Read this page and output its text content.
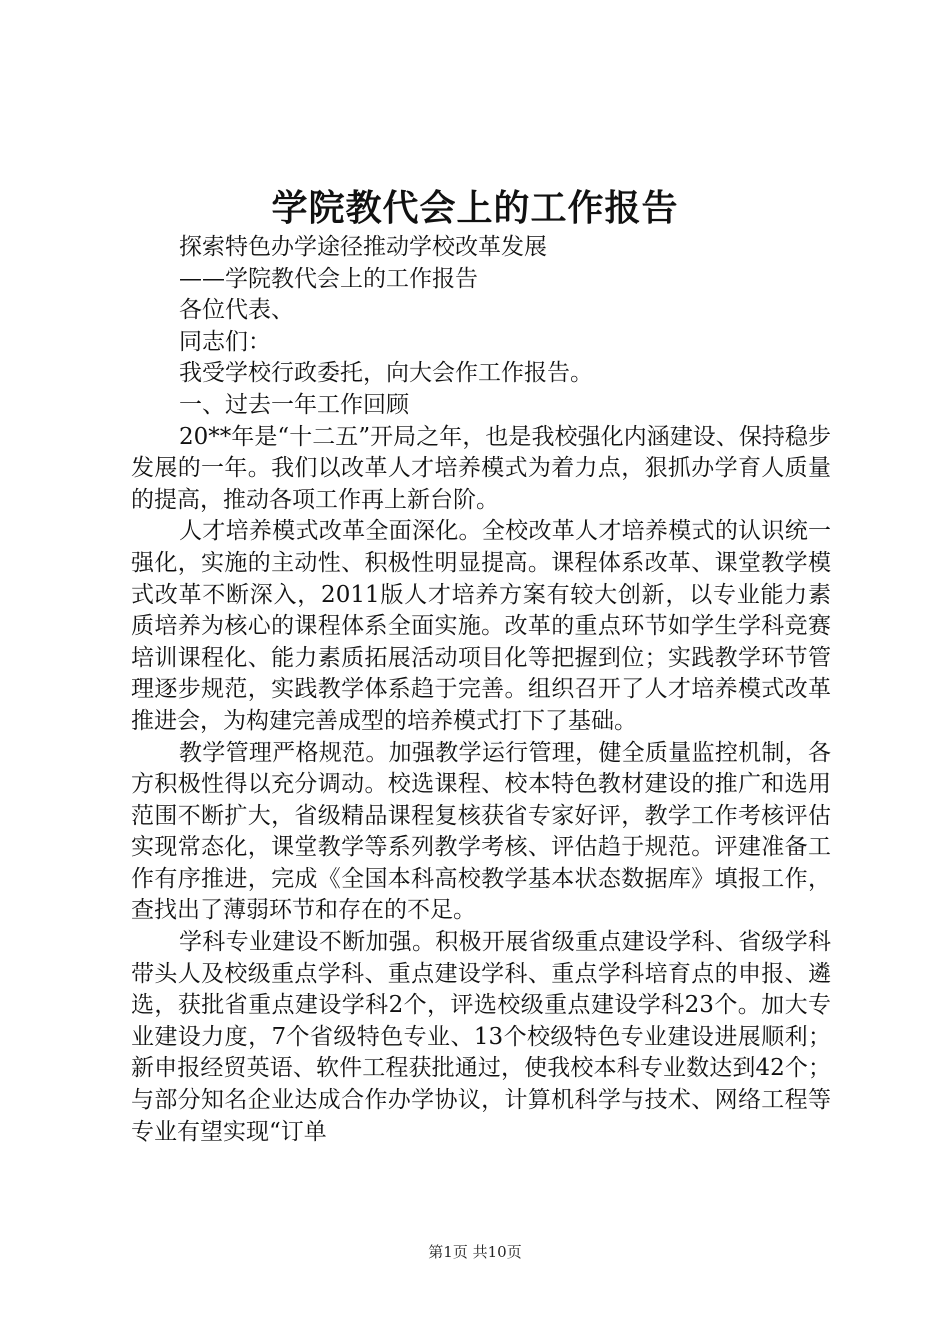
学院教代会上的工作报告

探索特色办学途径推动学校改革发展

——学院教代会上的工作报告

各位代表、

同志们：

我受学校行政委托，向大会作工作报告。

一、过去一年工作回顾

20**年是“十二五”开局之年，也是我校强化内涵建设、保持稳步发展的一年。我们以改革人才培养模式为着力点，狠抓办学育人质量的提高，推动各项工作再上新台阶。

人才培养模式改革全面深化。全校改革人才培养模式的认识统一强化，实施的主动性、积极性明显提高。课程体系改革、课堂教学模式改革不断深入，2011版人才培养方案有较大创新，以专业能力素质培养为核心的课程体系全面实施。改革的重点环节如学生学科竞赛培训课程化、能力素质拓展活动项目化等把握到位；实践教学环节管理逐步规范，实践教学体系趋于完善。组织召开了人才培养模式改革推进会，为构建完善成型的培养模式打下了基础。

教学管理严格规范。加强教学运行管理，健全质量监控机制，各方积极性得以充分调动。校选课程、校本特色教材建设的推广和选用范围不断扩大，省级精品课程复核获省专家好评，教学工作考核评估实现常态化，课堂教学等系列教学考核、评估趋于规范。评建准备工作有序推进，完成《全国本科高校教学基本状态数据库》填报工作，查找出了薄弱环节和存在的不足。

学科专业建设不断加强。积极开展省级重点建设学科、省级学科带头人及校级重点学科、重点建设学科、重点学科培育点的申报、遴选，获批省重点建设学科2个，评选校级重点建设学科23个。加大专业建设力度，7个省级特色专业、13个校级特色专业建设进展顺利；新申报经贸英语、软件工程获批通过，使我校本科专业数达到42个；与部分知名企业达成合作办学协议，计算机科学与技术、网络工程等专业有望实现“订单

第1页 共10页
